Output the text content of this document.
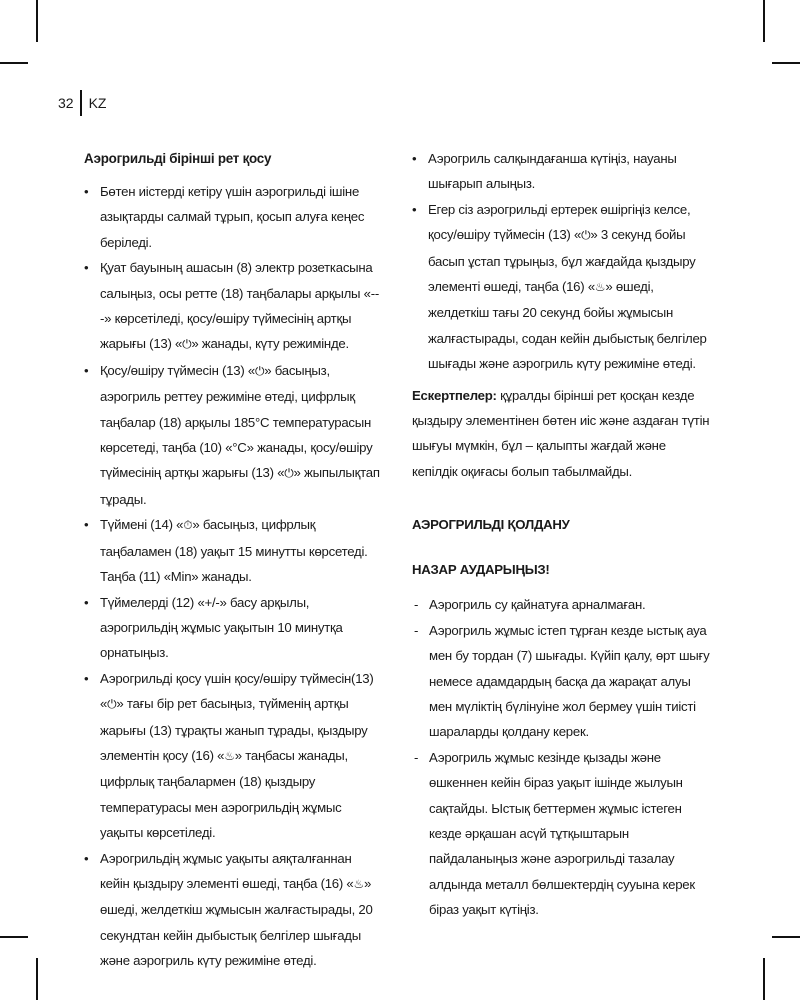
32 KZ
Аэрогрильді бірінші рет қосу
• Бөтен иістерді кетіру үшін аэрогрильді ішіне азықтарды салмай тұрып, қосып алуға кеңес беріледі.
• Қуат бауының ашасын (8) электр розеткасына салыңыз, осы ретте (18) таңбалары арқылы «---» көрсетіледі, қосу/өшіру түймесінің артқы жарығы (13) «⏻» жанады, күту режимінде.
• Қосу/өшіру түймесін (13) «⏻» басыңыз, аэрогриль реттеу режиміне өтеді, цифрлық таңбалар (18) арқылы 185°С температурасын көрсетеді, таңба (10) «°С» жанады, қосу/өшіру түймесінің артқы жарығы (13) «⏻» жыпылықтап тұрады.
• Түймені (14) «⏱» басыңыз, цифрлық таңбаламен (18) уақыт 15 минутты көрсетеді. Таңба (11) «Min» жанады.
• Түймелерді (12) «+/-» басу арқылы, аэрогрильдің жұмыс уақытын 10 минутқа орнатыңыз.
• Аэрогрильді қосу үшін қосу/өшіру түймесін(13) «⏻» тағы бір рет басыңыз, түйменің артқы жарығы (13) тұрақты жанып тұрады, қыздыру элементін қосу (16) «♨» таңбасы жанады, цифрлық таңбалармен (18) қыздыру температурасы мен аэрогрильдің жұмыс уақыты көрсетіледі.
• Аэрогрильдің жұмыс уақыты аяқталғаннан кейін қыздыру элементі өшеді, таңба (16) «♨» өшеді, желдеткіш жұмысын жалғастырады, 20 секундтан кейін дыбыстық белгілер шығады және аэрогриль күту режиміне өтеді.
• Аэрогриль салқындағанша күтіңіз, науаны шығарып алыңыз.
• Егер сіз аэрогрильді ертерек өшіргіңіз келсе, қосу/өшіру түймесін (13) «⏻» 3 секунд бойы басып ұстап тұрыңыз, бұл жағдайда қыздыру элементі өшеді, таңба (16) «♨» өшеді, желдеткіш тағы 20 секунд бойы жұмысын жалғастырады, содан кейін дыбыстық белгілер шығады және аэрогриль күту режиміне өтеді.

Ескертпелер: құралды бірінші рет қосқан кезде қыздыру элементінен бөтен иіс және аздаған түтін шығуы мүмкін, бұл – қалыпты жағдай және кепілдік оқиғасы болып табылмайды.

АЭРОГРИЛЬДІ ҚОЛДАНУ

НАЗАР АУДАРЫҢЫЗ!

- Аэрогриль су қайнатуға арналмаған.
- Аэрогриль жұмыс істеп тұрған кезде ыстық ауа мен бу тордан (7) шығады. Күйіп қалу, өрт шығу немесе адамдардың басқа да жарақат алуы мен мүліктің бүлінуіне жол бермеу үшін тиісті шараларды қолдану керек.
- Аэрогриль жұмыс кезінде қызады және өшкеннен кейін біраз уақыт ішінде жылуын сақтайды. Ыстық беттермен жұмыс істеген кезде әрқашан асүй тұтқыштарын пайдаланыңыз және аэрогрильді тазалау алдында металл бөлшектердің сууына керек біраз уақыт күтіңіз.
